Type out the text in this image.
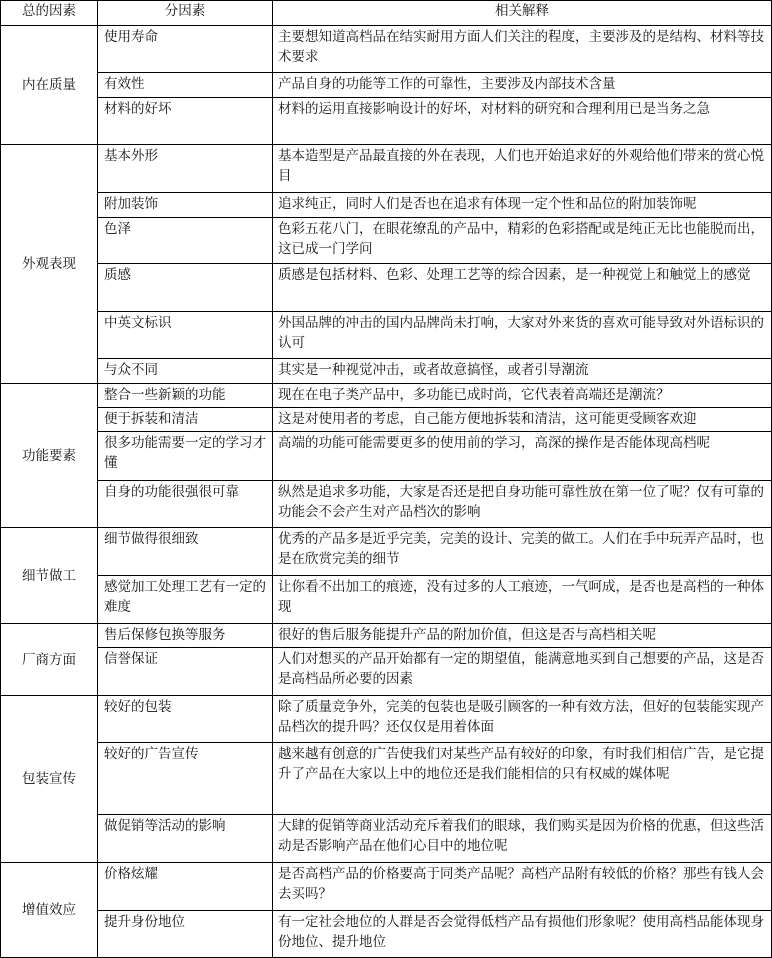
总的因素	分因素	相关解释
内在质量	使用寿命	主要想知道高档品在结实耐用方面人们关注的程度，主要涉及的是结构、材料等技术要求
	有效性	产品自身的功能等工作的可靠性，主要涉及内部技术含量
	材料的好坏	材料的运用直接影响设计的好坏，对材料的研究和合理利用已是当务之急
外观表现	基本外形	基本造型是产品最直接的外在表现，人们也开始追求好的外观给他们带来的赏心悦目
	附加装饰	追求纯正，同时人们是否也在追求有体现一定个性和品位的附加装饰呢
	色泽	色彩五花八门，在眼花缭乱的产品中，精彩的色彩搭配或是纯正无比也能脱而出，这已成一门学问
	质感	质感是包括材料、色彩、处理工艺等的综合因素，是一种视觉上和触觉上的感觉
	中英文标识	外国品牌的冲击的国内品牌尚未打响，大家对外来货的喜欢可能导致对外语标识的认可
	与众不同	其实是一种视觉冲击，或者故意搞怪，或者引导潮流
功能要素	整合一些新颖的功能	现在在电子类产品中，多功能已成时尚，它代表着高端还是潮流？
	便于拆装和清洁	这是对使用者的考虑，自己能方便地拆装和清洁，这可能更受顾客欢迎
	很多功能需要一定的学习才懂	高端的功能可能需要更多的使用前的学习，高深的操作是否能体现高档呢
	自身的功能很强很可靠	纵然是追求多功能，大家是否还是把自身功能可靠性放在第一位了呢？仅有可靠的功能会不会产生对产品档次的影响
细节做工	细节做得很细致	优秀的产品多是近乎完美，完美的设计、完美的做工。人们在手中玩弄产品时，也是在欣赏完美的细节
	感觉加工处理工艺有一定的难度	让你看不出加工的痕迹，没有过多的人工痕迹，一气呵成，是否也是高档的一种体现
厂商方面	售后保修包换等服务	很好的售后服务能提升产品的附加价值，但这是否与高档相关呢
	信誉保证	人们对想买的产品开始都有一定的期望值，能满意地买到自己想要的产品，这是否是高档品所必要的因素
包装宣传	较好的包装	除了质量竞争外，完美的包装也是吸引顾客的一种有效方法，但好的包装能实现产品档次的提升吗？还仅仅是用着体面
	较好的广告宣传	越来越有创意的广告使我们对某些产品有较好的印象，有时我们相信广告，是它提升了产品在大家以上中的地位还是我们能相信的只有权威的媒体呢
	做促销等活动的影响	大肆的促销等商业活动充斥着我们的眼球，我们购买是因为价格的优惠，但这些活动是否影响产品在他们心目中的地位呢
增值效应	价格炫耀	是否高档产品的价格要高于同类产品呢？高档产品附有较低的价格？那些有钱人会去买吗？
	提升身份地位	有一定社会地位的人群是否会觉得低档产品有损他们形象呢？使用高档品能体现身份地位、提升地位
